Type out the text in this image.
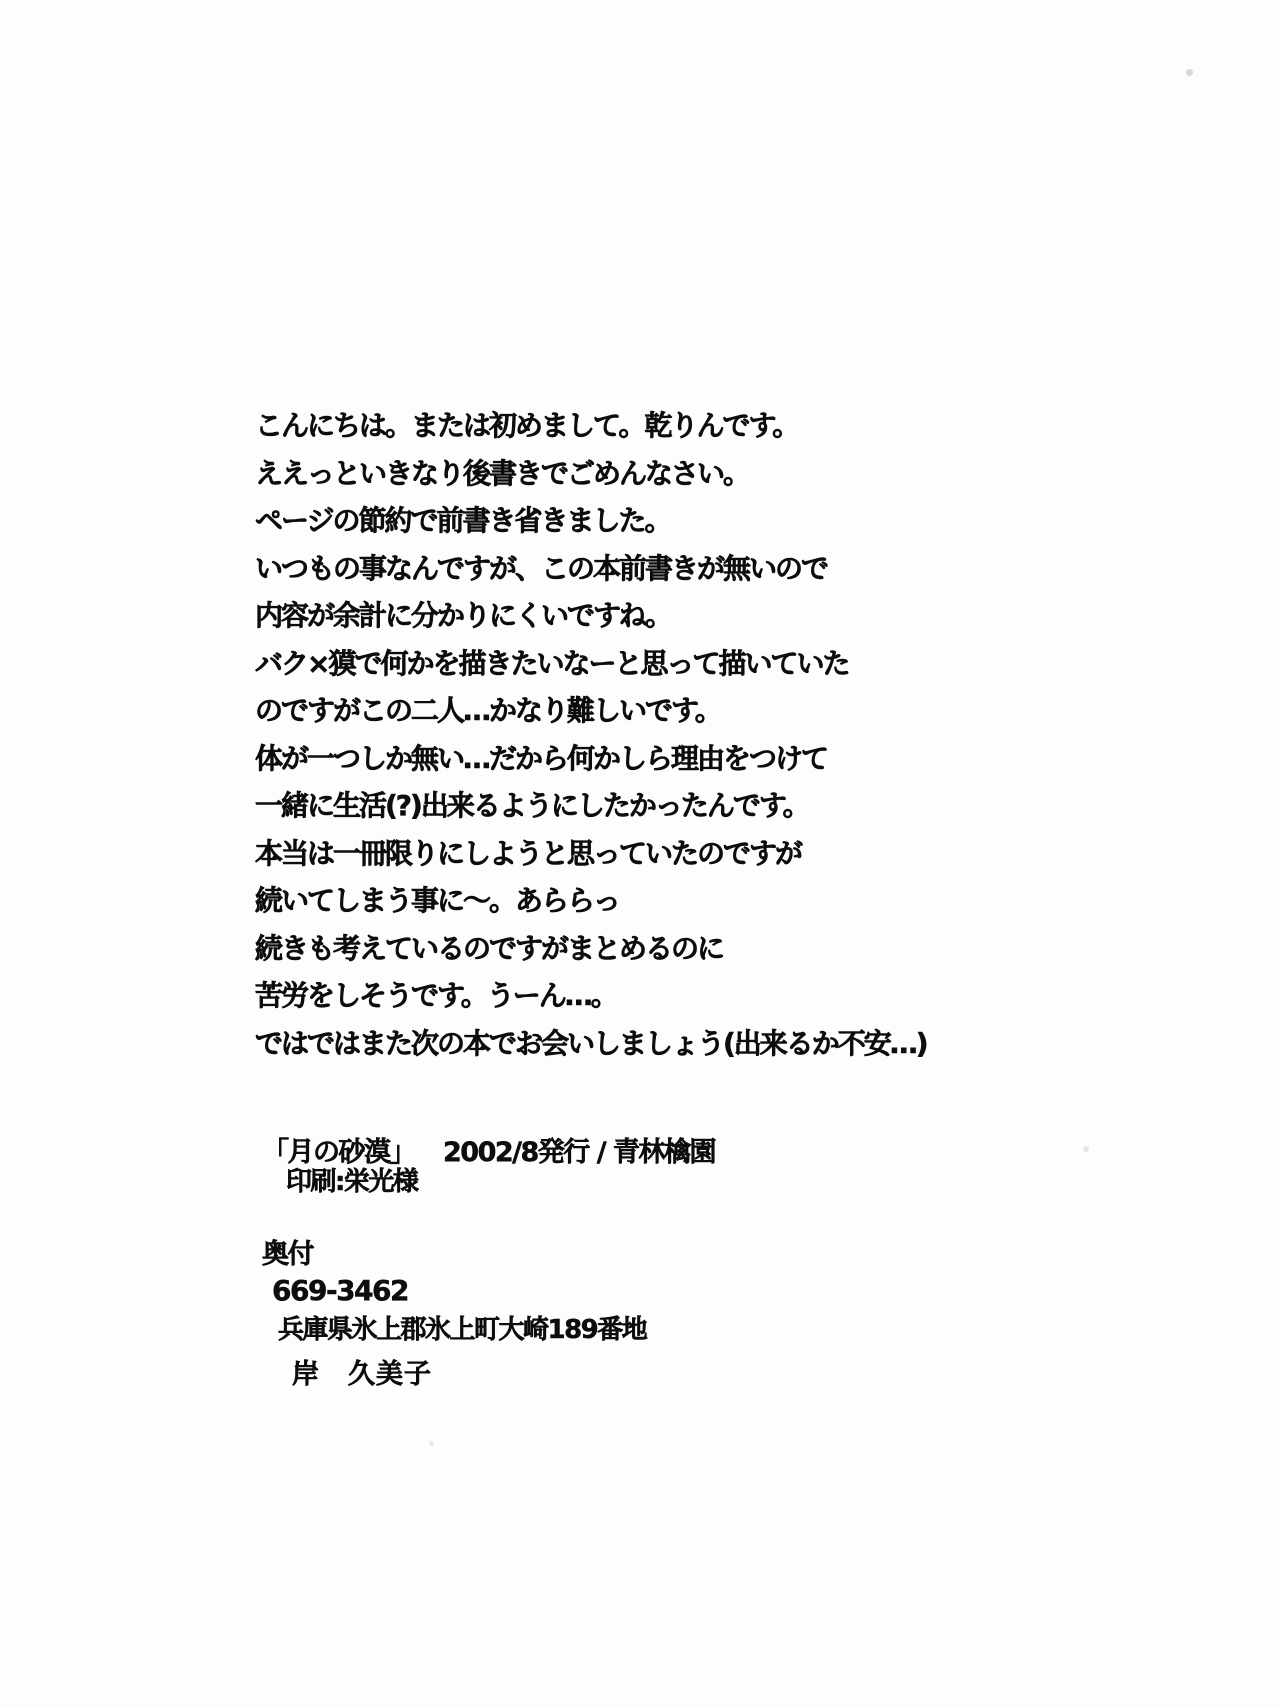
こんにちは。または初めまして。乾りんです。
ええっといきなり後書きでごめんなさい。
ページの節約で前書き省きました。
いつもの事なんですが、この本前書きが無いので
内容が余計に分かりにくいですね。
バク×獏で何かを描きたいなーと思って描いていた
のですがこの二人…かなり難しいです。
体が一つしか無い…だから何かしら理由をつけて
一緒に生活(?)出来るようにしたかったんです。
本当は一冊限りにしようと思っていたのですが
続いてしまう事に～。あららっ
続きも考えているのですがまとめるのに
苦労をしそうです。うーん…。
ではではまた次の本でお会いしましょう(出来るか不安…)
「月の砂漠」 2002/8発行 / 青林檎園
印刷:栄光様
奥付
669-3462
兵庫県氷上郡氷上町大崎189番地
岸　久美子
